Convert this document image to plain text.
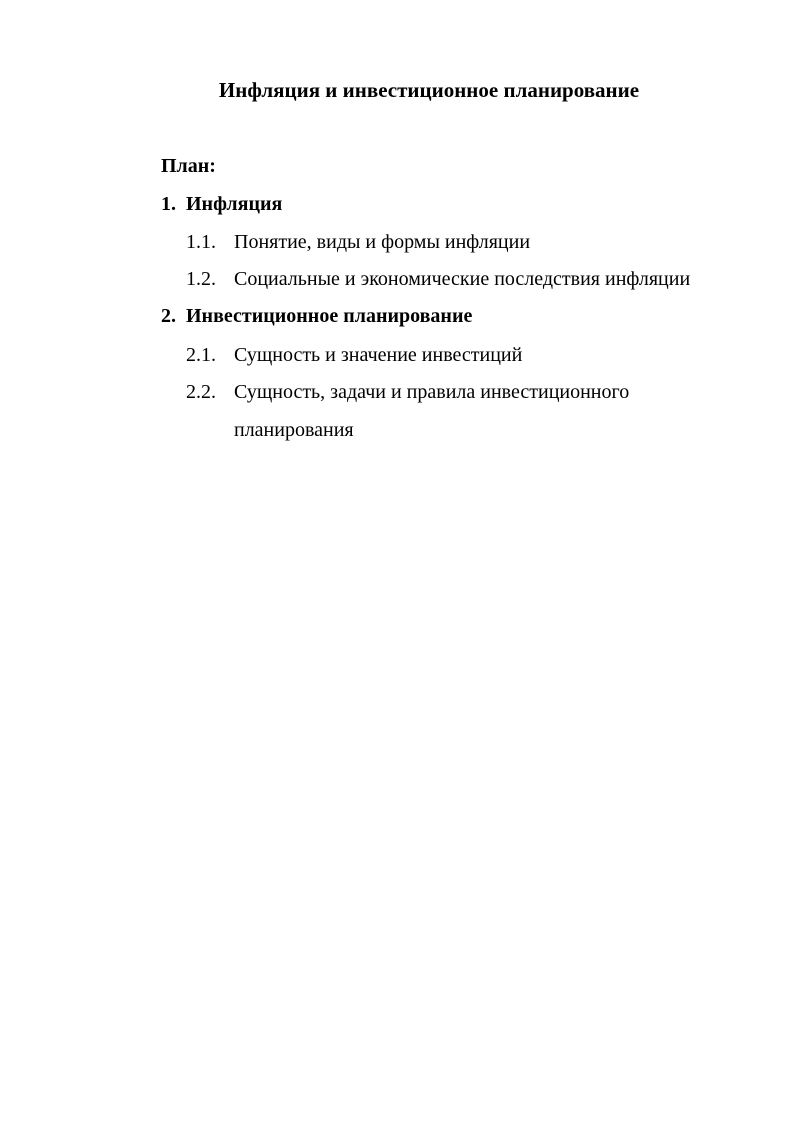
Инфляция и инвестиционное планирование
План:
1. Инфляция
1.1. Понятие, виды и формы инфляции
1.2. Социальные и экономические последствия инфляции
2. Инвестиционное планирование
2.1. Сущность и значение инвестиций
2.2. Сущность, задачи и правила инвестиционного
планирования
